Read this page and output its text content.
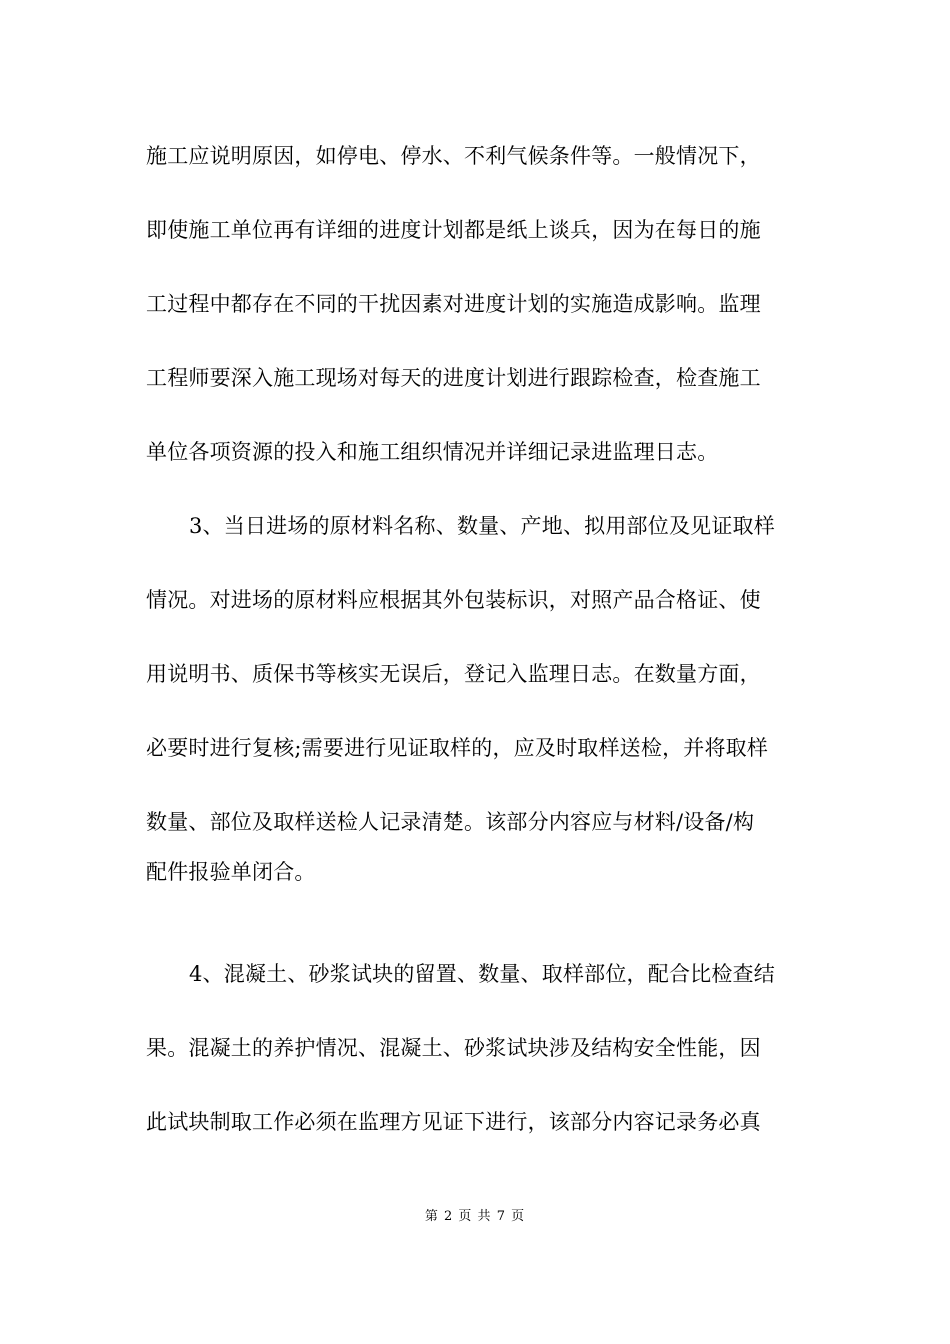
施工应说明原因，如停电、停水、不利气候条件等。一般情况下，
即使施工单位再有详细的进度计划都是纸上谈兵，因为在每日的施
工过程中都存在不同的干扰因素对进度计划的实施造成影响。监理
工程师要深入施工现场对每天的进度计划进行跟踪检查，检查施工
单位各项资源的投入和施工组织情况并详细记录进监理日志。
3、当日进场的原材料名称、数量、产地、拟用部位及见证取样
情况。对进场的原材料应根据其外包装标识，对照产品合格证、使
用说明书、质保书等核实无误后，登记入监理日志。在数量方面，
必要时进行复核;需要进行见证取样的，应及时取样送检，并将取样
数量、部位及取样送检人记录清楚。该部分内容应与材料/设备/构
配件报验单闭合。
4、混凝土、砂浆试块的留置、数量、取样部位，配合比检查结
果。混凝土的养护情况、混凝土、砂浆试块涉及结构安全性能，因
此试块制取工作必须在监理方见证下进行，该部分内容记录务必真
第 2 页 共 7 页
